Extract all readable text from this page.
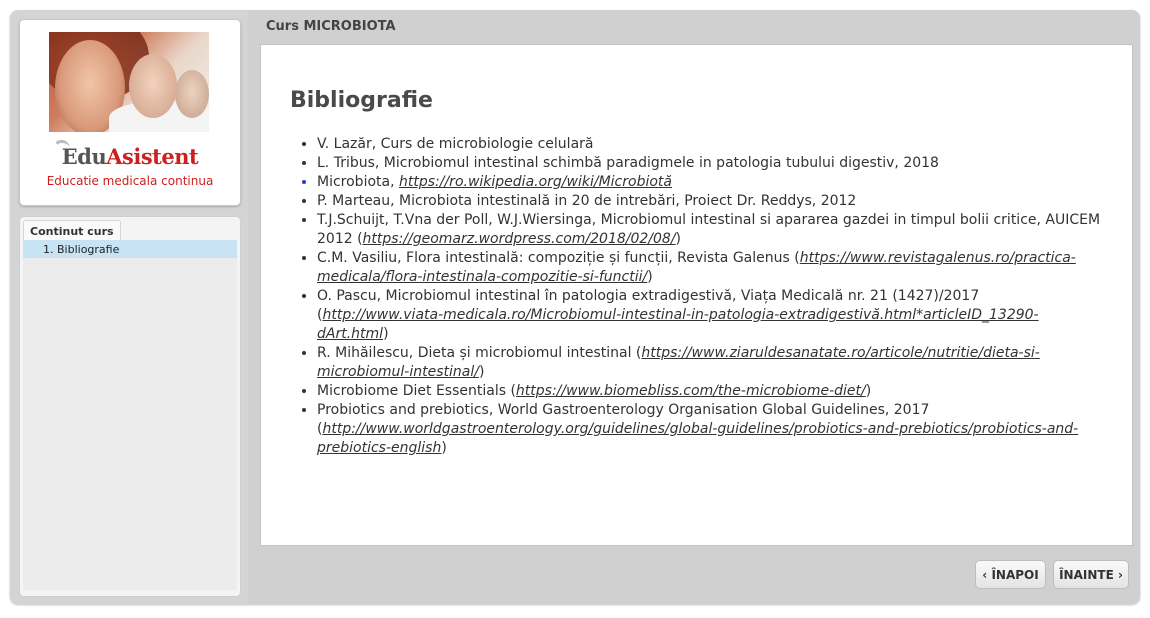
EduAsistent
Educatie medicala continua
Continut curs
1. Bibliografie
Curs MICROBIOTA
Bibliografie
• V. Lazăr, Curs de microbiologie celulară
• L. Tribus, Microbiomul intestinal schimbă paradigmele in patologia tubului digestiv, 2018
• Microbiota, https://ro.wikipedia.org/wiki/Microbiotă
• P. Marteau, Microbiota intestinală in 20 de intrebări, Proiect Dr. Reddys, 2012
• T.J.Schuijt, T.Vna der Poll, W.J.Wiersinga, Microbiomul intestinal si apararea gazdei in timpul bolii critice, AUICEM 2012 (https://geomarz.wordpress.com/2018/02/08/)
• C.M. Vasiliu, Flora intestinală: compoziție și funcții, Revista Galenus (https://www.revistagalenus.ro/practica-medicala/flora-intestinala-compozitie-si-functii/)
• O. Pascu, Microbiomul intestinal în patologia extradigestivă, Viața Medicală nr. 21 (1427)/2017 (http://www.viata-medicala.ro/Microbiomul-intestinal-in-patologia-extradigestivă.html*articleID_13290-dArt.html)
• R. Mihăilescu, Dieta și microbiomul intestinal (https://www.ziaruldesanatate.ro/articole/nutritie/dieta-si-microbiomul-intestinal/)
• Microbiome Diet Essentials (https://www.biomebliss.com/the-microbiome-diet/)
• Probiotics and prebiotics, World Gastroenterology Organisation Global Guidelines, 2017 (http://www.worldgastroenterology.org/guidelines/global-guidelines/probiotics-and-prebiotics/probiotics-and-prebiotics-english)
‹ ÎNAPOI	ÎNAINTE ›
